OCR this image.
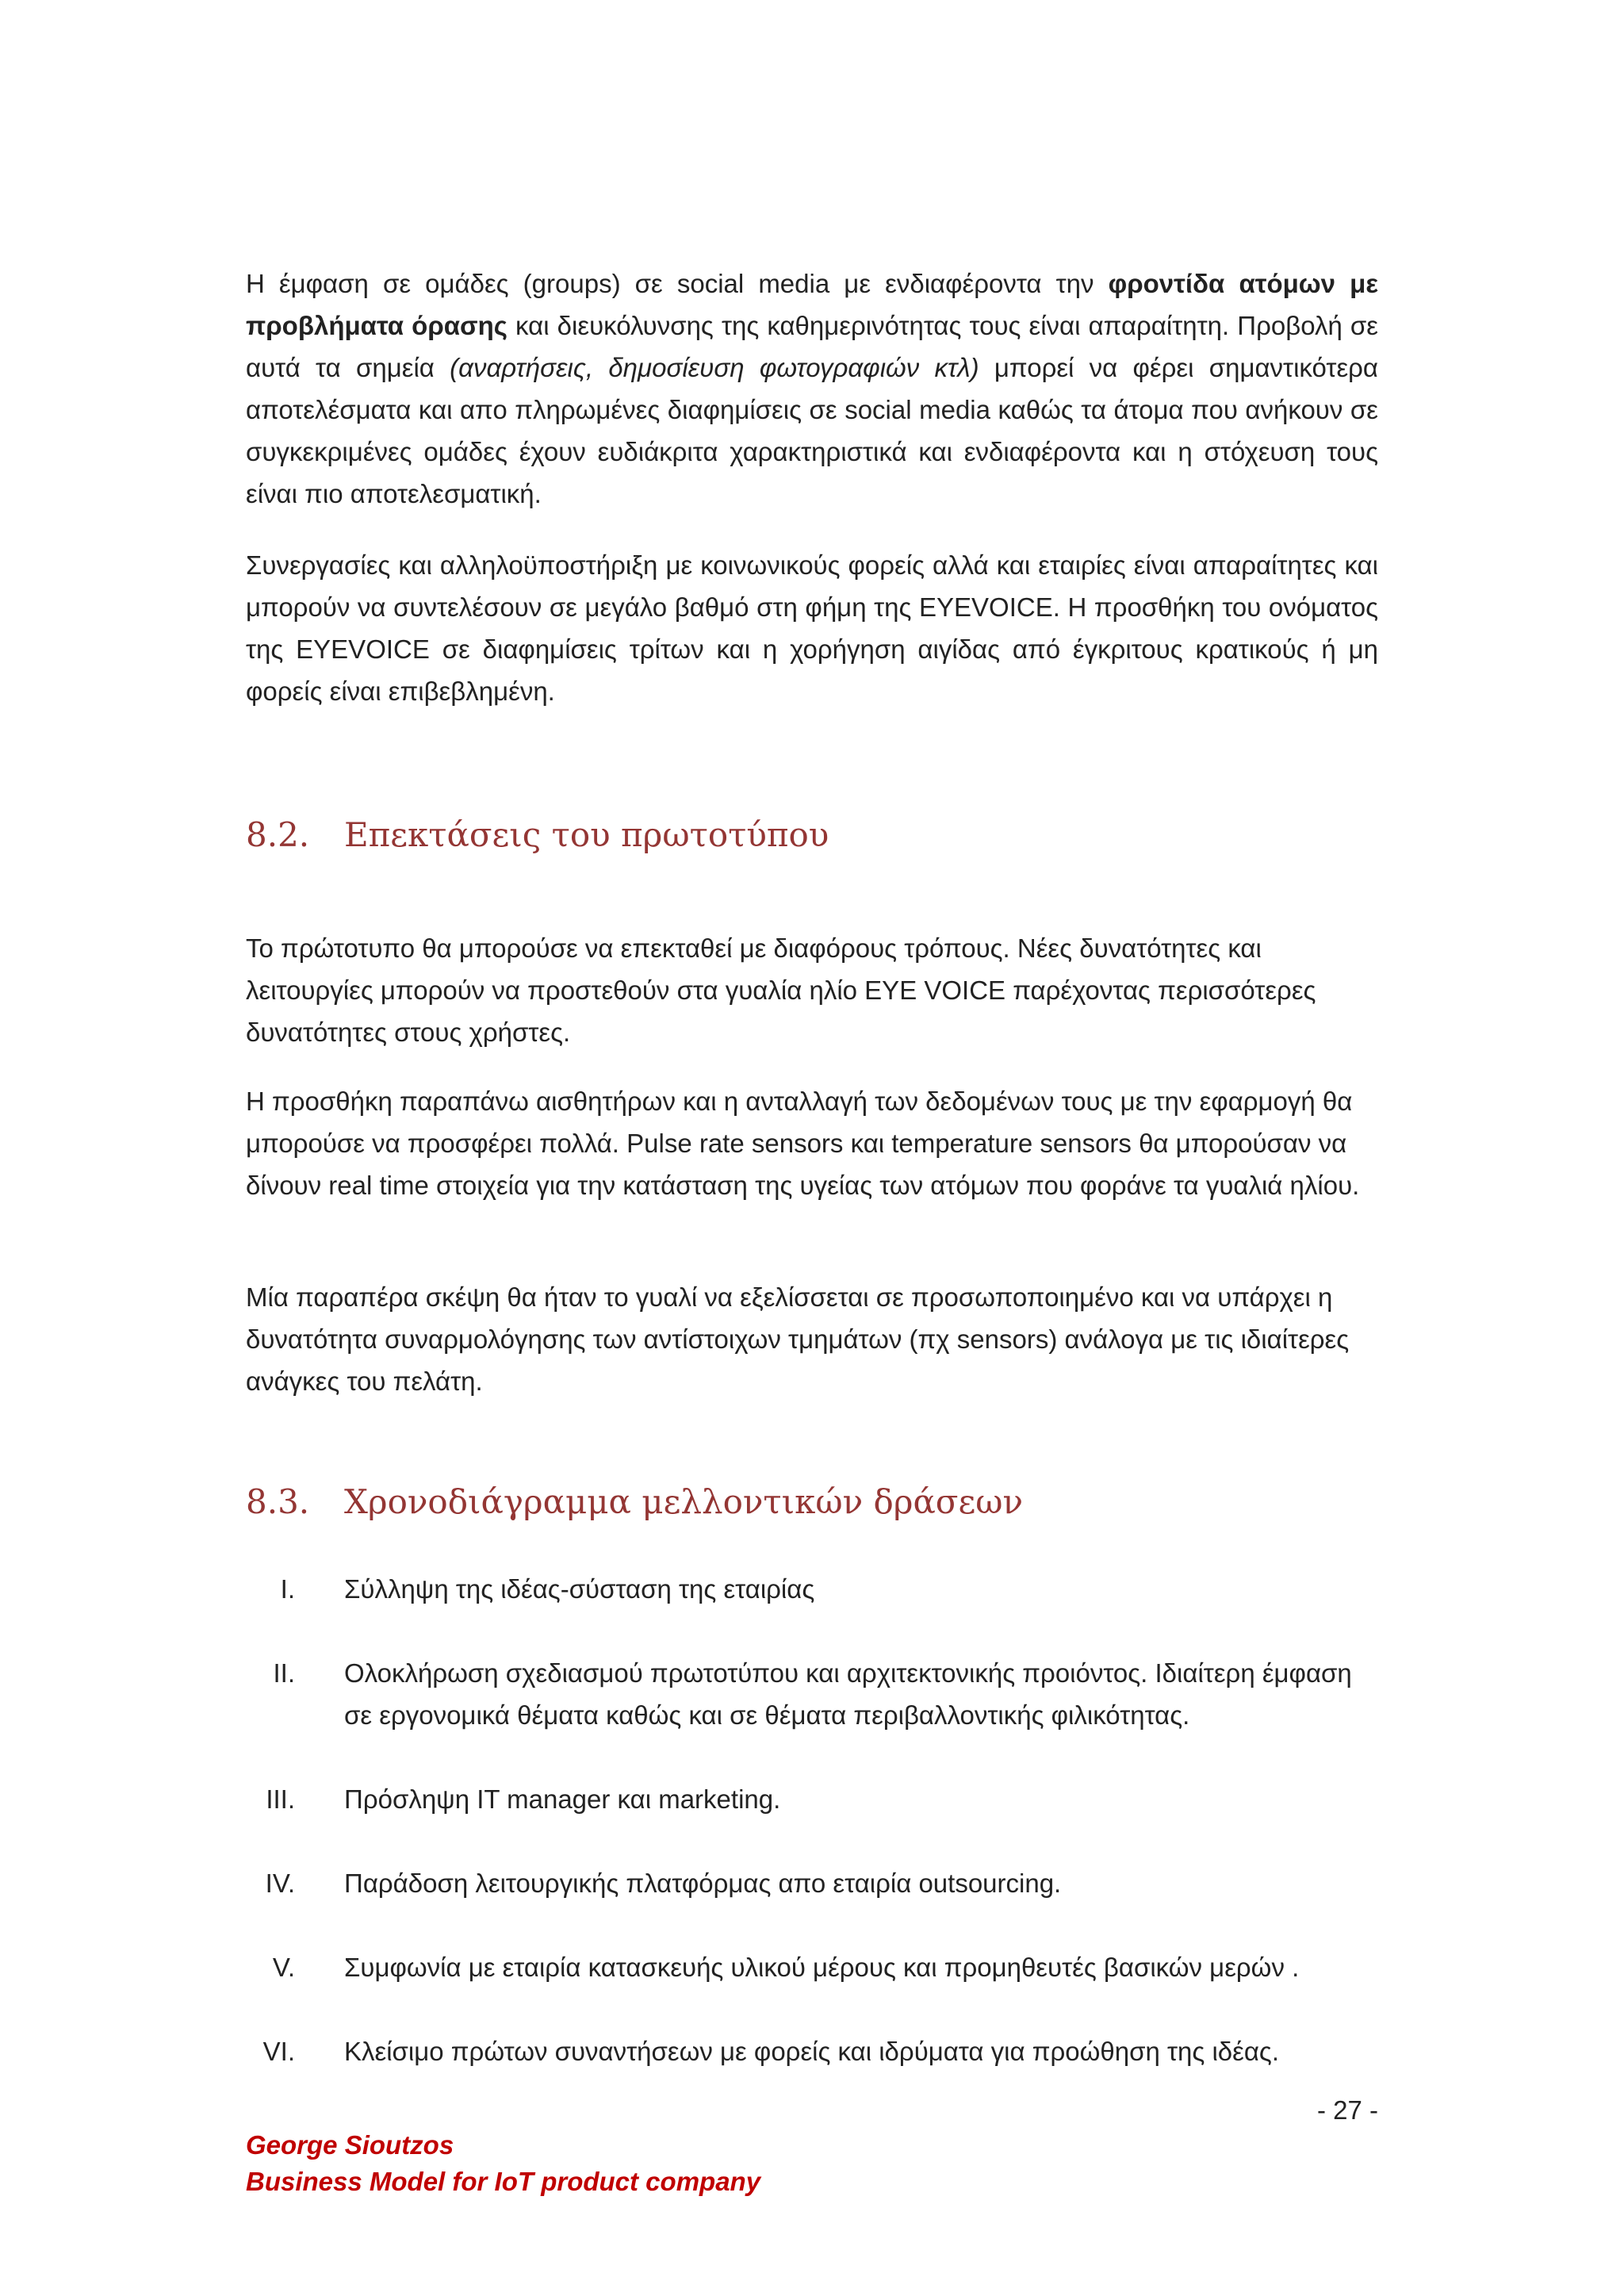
Η έμφαση σε ομάδες (groups) σε social media με ενδιαφέροντα την φροντίδα ατόμων με προβλήματα όρασης και διευκόλυνσης της καθημερινότητας τους είναι απαραίτητη. Προβολή σε αυτά τα σημεία (αναρτήσεις, δημοσίευση φωτογραφιών κτλ) μπορεί να φέρει σημαντικότερα αποτελέσματα και απο πληρωμένες διαφημίσεις σε social media καθώς τα άτομα που ανήκουν σε συγκεκριμένες ομάδες έχουν ευδιάκριτα χαρακτηριστικά και ενδιαφέροντα και η στόχευση τους είναι πιο αποτελεσματική.

Συνεργασίες και αλληλοϋποστήριξη με κοινωνικούς φορείς αλλά και εταιρίες είναι απαραίτητες και μπορούν να συντελέσουν σε μεγάλο βαθμό στη φήμη της EYEVOICE. Η προσθήκη του ονόματος της EYEVOICE σε διαφημίσεις τρίτων και η χορήγηση αιγίδας από έγκριτους κρατικούς ή μη φορείς είναι επιβεβλημένη.

8.2. Επεκτάσεις του πρωτοτύπου

Το πρώτοτυπο θα μπορούσε να επεκταθεί με διαφόρους τρόπους. Νέες δυνατότητες και λειτουργίες μπορούν να προστεθούν στα γυαλία ηλίο EYE VOICE παρέχοντας περισσότερες δυνατότητες στους χρήστες.

Η προσθήκη παραπάνω αισθητήρων και η ανταλλαγή των δεδομένων τους με την εφαρμογή θα μπορούσε να προσφέρει πολλά. Pulse rate sensors και temperature sensors θα μπορούσαν να δίνουν real time στοιχεία για την κατάσταση της υγείας των ατόμων που φοράνε τα γυαλιά ηλίου.

Μία παραπέρα σκέψη θα ήταν το γυαλί να εξελίσσεται σε προσωποποιημένο και να υπάρχει η δυνατότητα συναρμολόγησης των αντίστοιχων τμημάτων (πχ sensors) ανάλογα με τις ιδιαίτερες ανάγκες του πελάτη.

8.3. Χρονοδιάγραμμα μελλοντικών δράσεων
I. Σύλληψη της ιδέας-σύσταση της εταιρίας
II. Ολοκλήρωση σχεδιασμού πρωτοτύπου και αρχιτεκτονικής προιόντος. Ιδιαίτερη έμφαση σε εργονομικά θέματα καθώς και σε θέματα περιβαλλοντικής φιλικότητας.
III. Πρόσληψη IT manager και marketing.
IV. Παράδοση λειτουργικής πλατφόρμας απο εταιρία outsourcing.
V. Συμφωνία με εταιρία κατασκευής υλικού μέρους και προμηθευτές βασικών μερών .
VI. Κλείσιμο πρώτων συναντήσεων με φορείς και ιδρύματα για προώθηση της ιδέας.
- 27 -
George Sioutzos
Business Model for IoT product company
